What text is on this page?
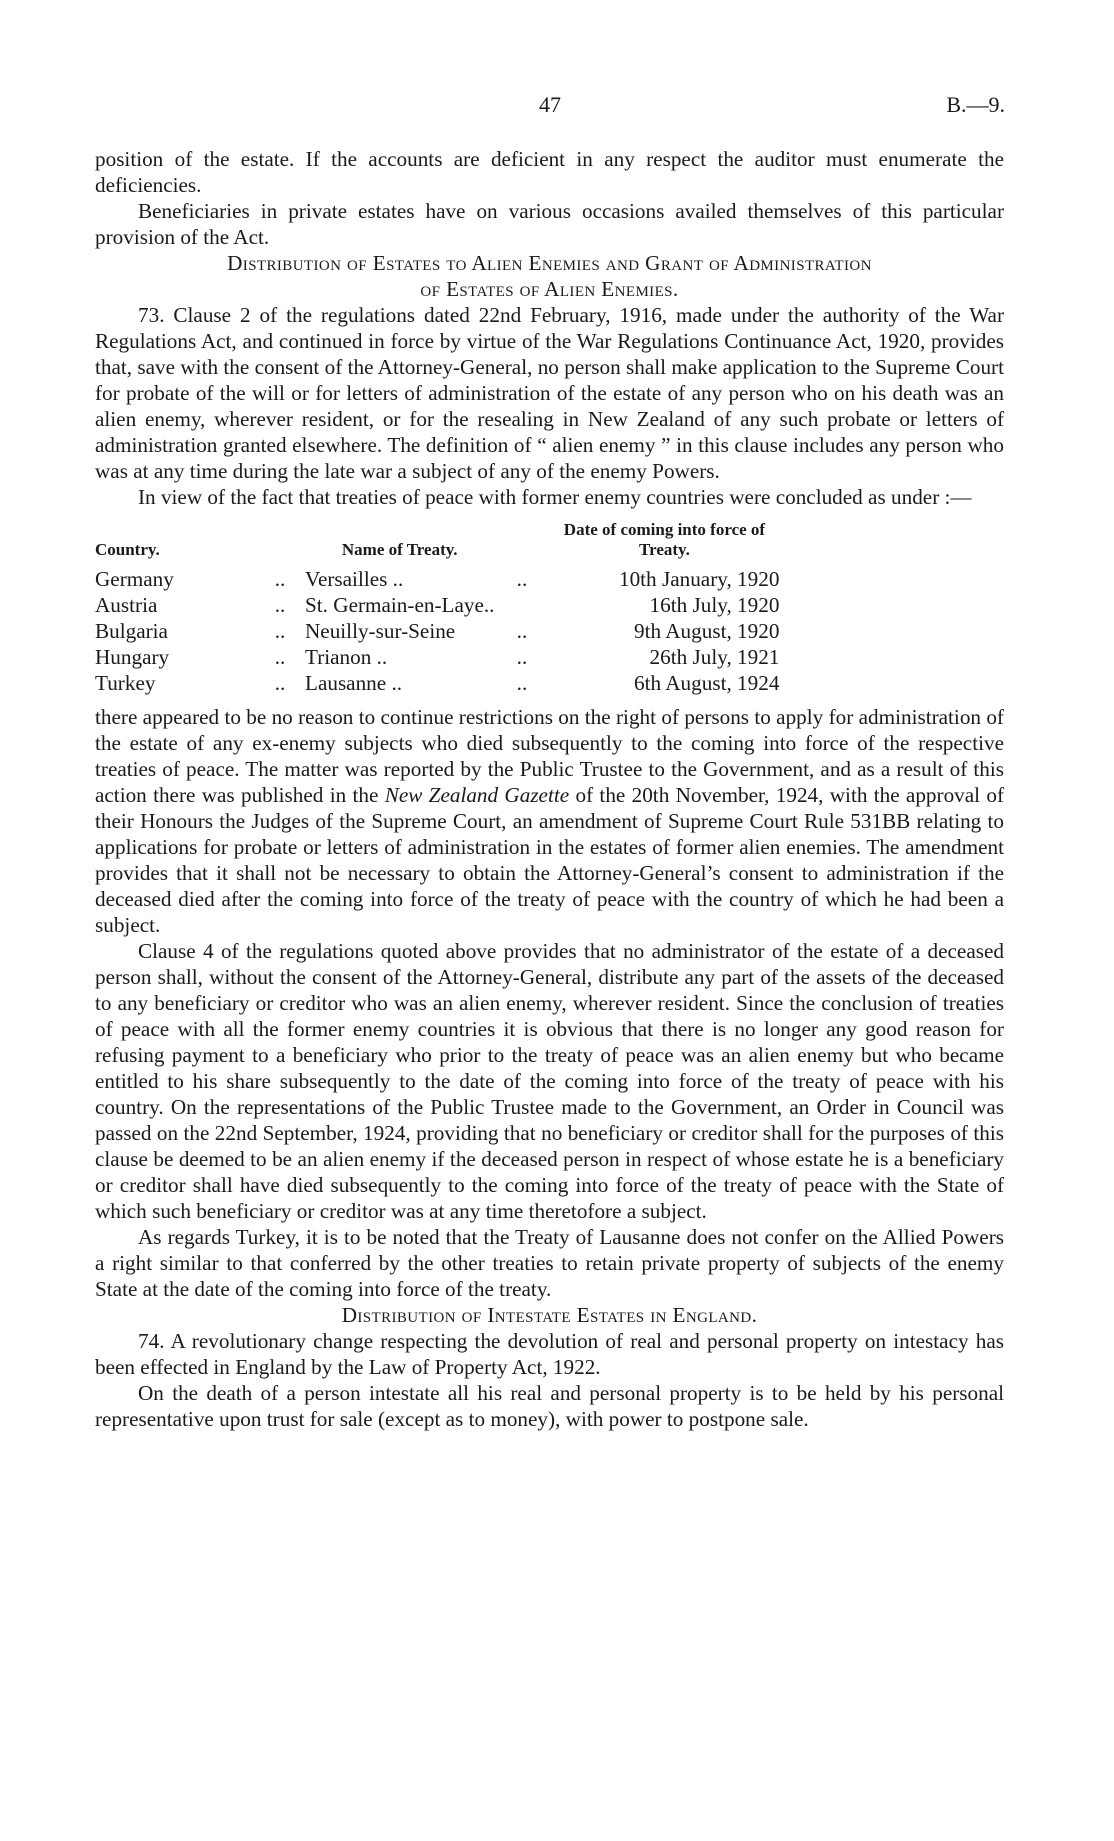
47	B.—9.

position of the estate. If the accounts are deficient in any respect the auditor must enumerate the deficiencies.

Beneficiaries in private estates have on various occasions availed themselves of this particular provision of the Act.

Distribution of Estates to Alien Enemies and Grant of Administration

of Estates of Alien Enemies.

73. Clause 2 of the regulations dated 22nd February, 1916, made under the authority of the War Regulations Act, and continued in force by virtue of the War Regulations Continuance Act, 1920, provides that, save with the consent of the Attorney-General, no person shall make application to the Supreme Court for probate of the will or for letters of administration of the estate of any person who on his death was an alien enemy, wherever resident, or for the resealing in New Zealand of any such probate or letters of administration granted elsewhere. The definition of “ alien enemy ” in this clause includes any person who was at any time during the late war a subject of any of the enemy Powers.

In view of the fact that treaties of peace with former enemy countries were concluded as under :—

Country.		Name of Treaty.		Date of coming into force of Treaty.
Germany	..	Versailles ..	..	10th January, 1920
Austria	..	St. Germain-en-Laye..		16th July, 1920
Bulgaria	..	Neuilly-sur-Seine	..	9th August, 1920
Hungary	..	Trianon ..	..	26th July, 1921
Turkey	..	Lausanne ..	..	6th August, 1924

there appeared to be no reason to continue restrictions on the right of persons to apply for administration of the estate of any ex-enemy subjects who died subsequently to the coming into force of the respective treaties of peace. The matter was reported by the Public Trustee to the Government, and as a result of this action there was published in the New Zealand Gazette of the 20th November, 1924, with the approval of their Honours the Judges of the Supreme Court, an amendment of Supreme Court Rule 531BB relating to applications for probate or letters of administration in the estates of former alien enemies. The amendment provides that it shall not be necessary to obtain the Attorney-General’s consent to administration if the deceased died after the coming into force of the treaty of peace with the country of which he had been a subject.

Clause 4 of the regulations quoted above provides that no administrator of the estate of a deceased person shall, without the consent of the Attorney-General, distribute any part of the assets of the deceased to any beneficiary or creditor who was an alien enemy, wherever resident. Since the conclusion of treaties of peace with all the former enemy countries it is obvious that there is no longer any good reason for refusing payment to a beneficiary who prior to the treaty of peace was an alien enemy but who became entitled to his share subsequently to the date of the coming into force of the treaty of peace with his country. On the representations of the Public Trustee made to the Government, an Order in Council was passed on the 22nd September, 1924, providing that no beneficiary or creditor shall for the purposes of this clause be deemed to be an alien enemy if the deceased person in respect of whose estate he is a beneficiary or creditor shall have died subsequently to the coming into force of the treaty of peace with the State of which such beneficiary or creditor was at any time theretofore a subject.

As regards Turkey, it is to be noted that the Treaty of Lausanne does not confer on the Allied Powers a right similar to that conferred by the other treaties to retain private property of subjects of the enemy State at the date of the coming into force of the treaty.

Distribution of Intestate Estates in England.

74. A revolutionary change respecting the devolution of real and personal property on intestacy has been effected in England by the Law of Property Act, 1922.

On the death of a person intestate all his real and personal property is to be held by his personal representative upon trust for sale (except as to money), with power to postpone sale.
